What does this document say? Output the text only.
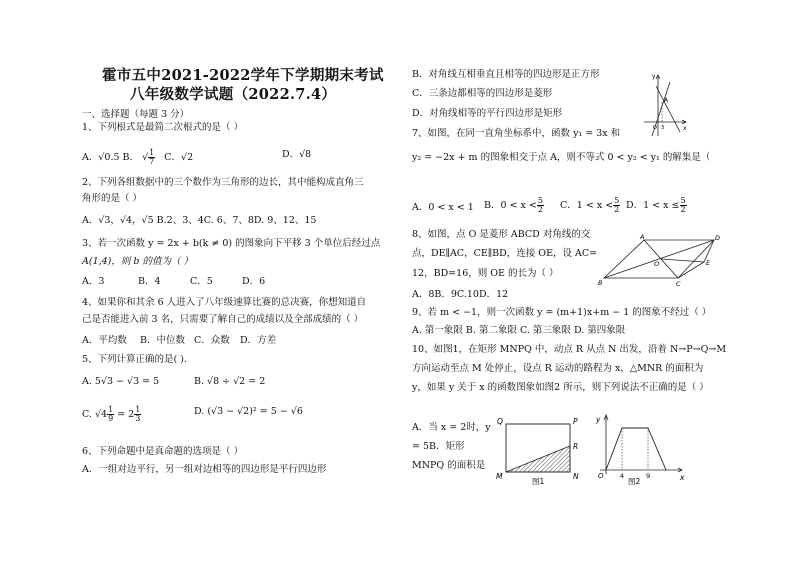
霍市五中2021-2022学年下学期期末考试
八年级数学试题（2022.7.4）
一、选择题（每题 3 分）
1、下列根式是最简二次根式的是（ ）
A．√0.5 B． √ $\frac{1}{7}$ C．√2	D．√8
2、下列各组数据中的三个数作为三角形的边长，其中能构成直角三
角形的是（ ）
A．√3，√4，√5 B.2、3、4C. 6、7、8D. 9、12、15
3、若一次函数 y = 2x + b(k ≠ 0) 的图象向下平移 3 个单位后经过点
A(1,4)，则 b 的值为（ ）
A．3	B．4	C．5	D．6
4、如果你和其余 6 人进入了八年级速算比赛的总决赛，你想知道自
己是否能进入前 3 名，只需要了解自己的成绩以及全部成绩的（ ）
A．平均数 B．中位数 C．众数 D．方差
5、下列计算正确的是( ).
A. 5√3 − √3 = 5	B. √8 ÷ √2 = 2
C. $√4 \frac{1}{9} = 2 \frac{1}{3}$	D. (√3 − √2)² = 5 − √6
6、下列命题中是真命题的选项是（ ）
A．一组对边平行，另一组对边相等的四边形是平行四边形
B．对角线互相垂直且相等的四边形是正方形
C．三条边都相等的四边形是菱形
D．对角线相等的平行四边形是矩形
y
x
A
O 3
7、如图，在同一直角坐标系中，函数 y₁ = 3x 和
y₂ = −2x + m 的图象相交于点 A，则不等式 0 < y₂ < y₁ 的解集是（
A．0 < x < 1 B．$0 < x < \frac{5}{2}$ C．$1 < x < \frac{5}{2}$ D．$1 < x \le \frac{5}{2}$
8、如图，点 O 是菱形 ABCD 对角线的交
点，DE∥AC，CE∥BD，连接 OE，设 AC=
12，BD=16，则 OE 的长为（ ）
A．8B．9C.10D．12
A	D
B	C
E
O
9、若 m < −1，则一次函数 y = (m+1)x+m − 1 的图象不经过（ ）
A. 第一象限 B. 第二象限 C. 第三象限 D. 第四象限
10、如图1，在矩形 MNPQ 中，动点 R 从点 N 出发，沿着 N→P→Q→M
方向运动至点 M 处停止，设点 R 运动的路程为 x，△MNR 的面积为
y，如果 y 关于 x 的函数图象如图2 所示，则下列说法不正确的是（ ）
A．当 x = 2时，y
= 5B．矩形
MNPQ 的面积是
Q	P
R
M	N
图1
y
x
O	4	9
图2
